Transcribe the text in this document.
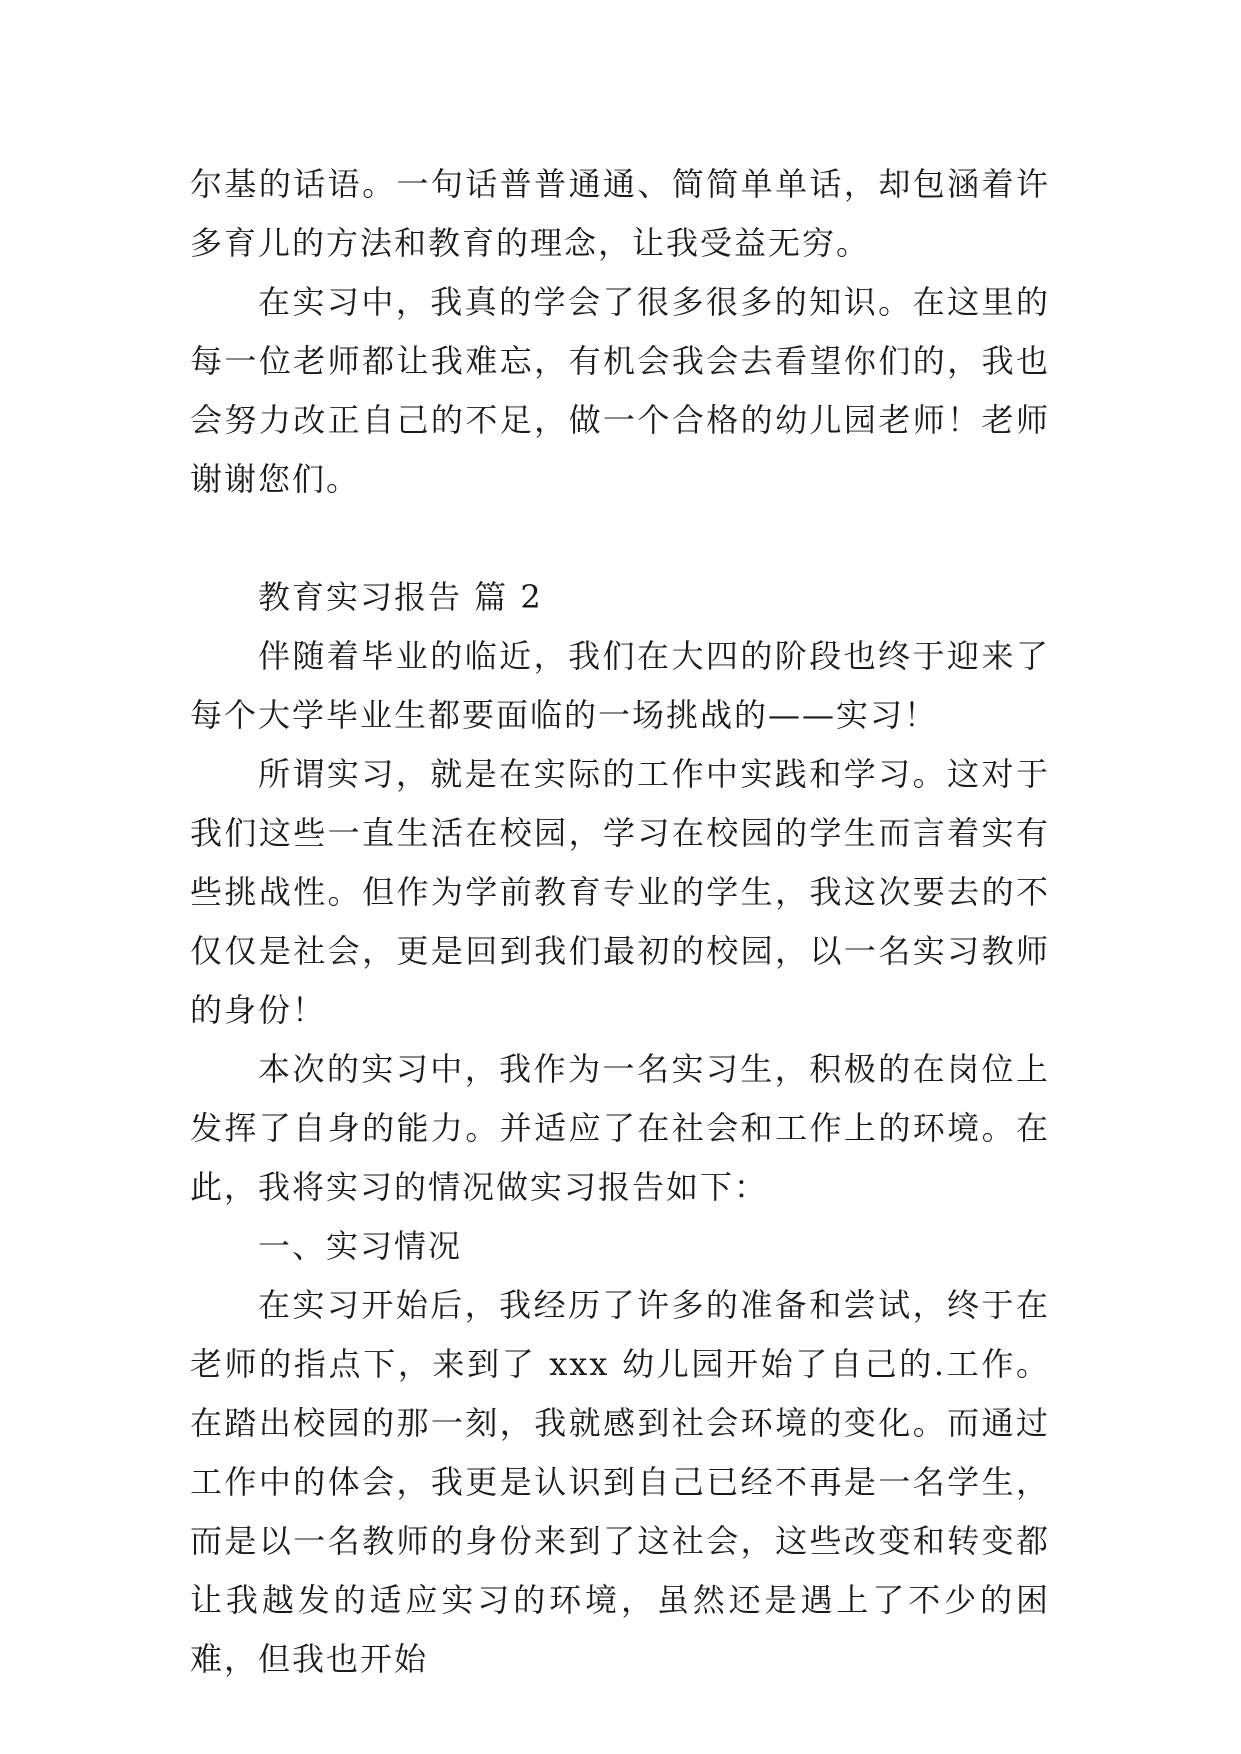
尔基的话语。一句话普普通通、简简单单话，却包涵着许多育儿的方法和教育的理念，让我受益无穷。

在实习中，我真的学会了很多很多的知识。在这里的每一位老师都让我难忘，有机会我会去看望你们的，我也会努力改正自己的不足，做一个合格的幼儿园老师！老师谢谢您们。

教育实习报告 篇 2

伴随着毕业的临近，我们在大四的阶段也终于迎来了每个大学毕业生都要面临的一场挑战的——实习！

所谓实习，就是在实际的工作中实践和学习。这对于我们这些一直生活在校园，学习在校园的学生而言着实有些挑战性。但作为学前教育专业的学生，我这次要去的不仅仅是社会，更是回到我们最初的校园，以一名实习教师的身份！

本次的实习中，我作为一名实习生，积极的在岗位上发挥了自身的能力。并适应了在社会和工作上的环境。在此，我将实习的情况做实习报告如下：

一、实习情况

在实习开始后，我经历了许多的准备和尝试，终于在老师的指点下，来到了 xxx 幼儿园开始了自己的.工作。在踏出校园的那一刻，我就感到社会环境的变化。而通过工作中的体会，我更是认识到自己已经不再是一名学生，而是以一名教师的身份来到了这社会，这些改变和转变都让我越发的适应实习的环境，虽然还是遇上了不少的困难，但我也开始
